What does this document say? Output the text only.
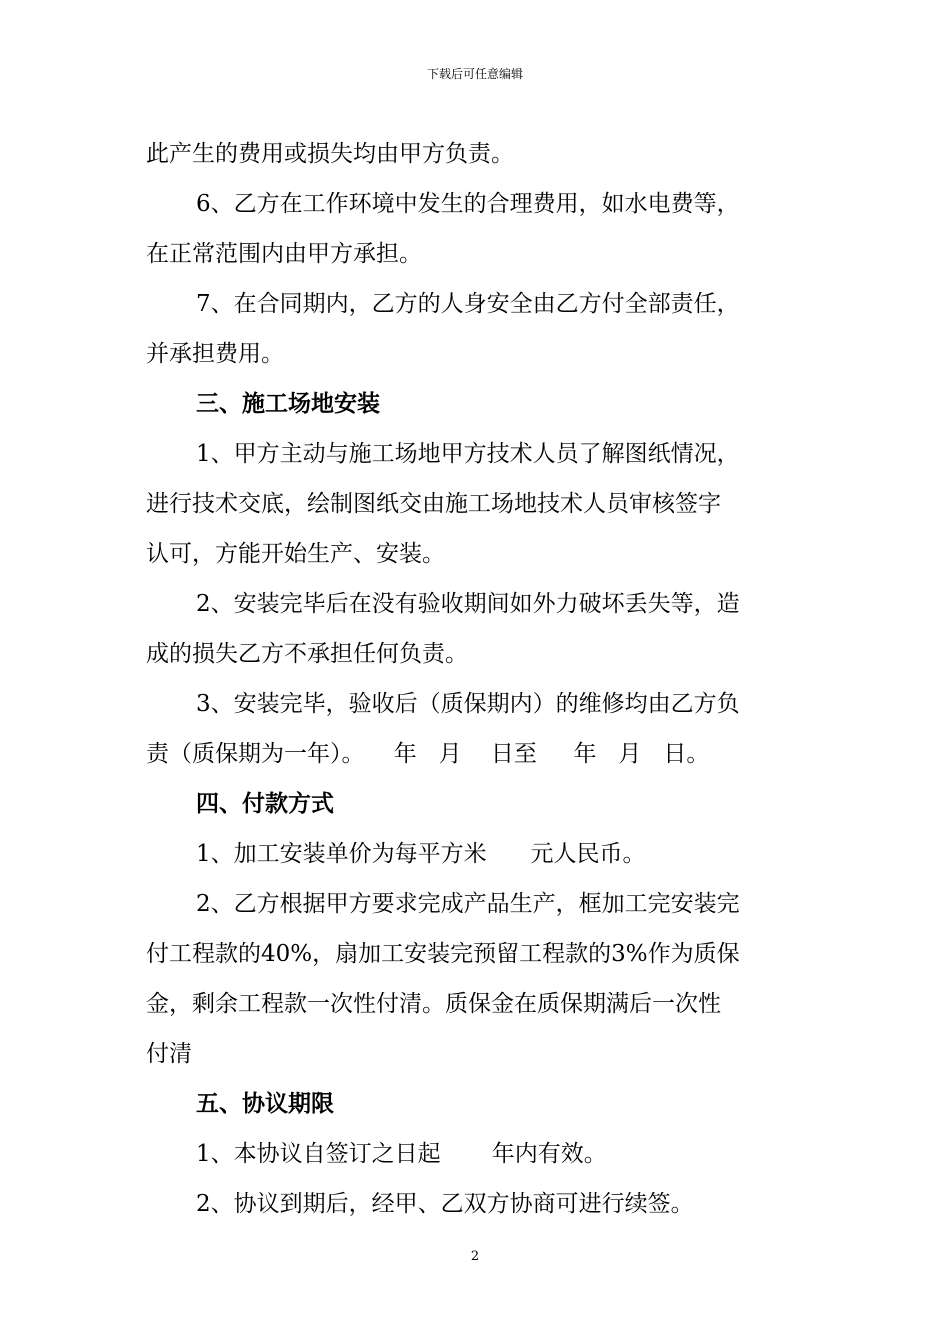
下载后可任意编辑

此产生的费用或损失均由甲方负责。

6、乙方在工作环境中发生的合理费用，如水电费等，

在正常范围内由甲方承担。

7、在合同期内，乙方的人身安全由乙方付全部责任，

并承担费用。

三、施工场地安装

1、甲方主动与施工场地甲方技术人员了解图纸情况，

进行技术交底，绘制图纸交由施工场地技术人员审核签字

认可，方能开始生产、安装。

2、安装完毕后在没有验收期间如外力破坏丢失等，造

成的损失乙方不承担任何负责。

3、安装完毕，验收后（质保期内）的维修均由乙方负

责（质保期为一年）。    年   月    日至     年   月   日。

四、付款方式

1、加工安装单价为每平方米      元人民币。

2、乙方根据甲方要求完成产品生产，框加工完安装完

付工程款的40%，扇加工安装完预留工程款的3%作为质保

金，剩余工程款一次性付清。质保金在质保期满后一次性

付清

五、协议期限

1、本协议自签订之日起       年内有效。

2、协议到期后，经甲、乙双方协商可进行续签。

2
